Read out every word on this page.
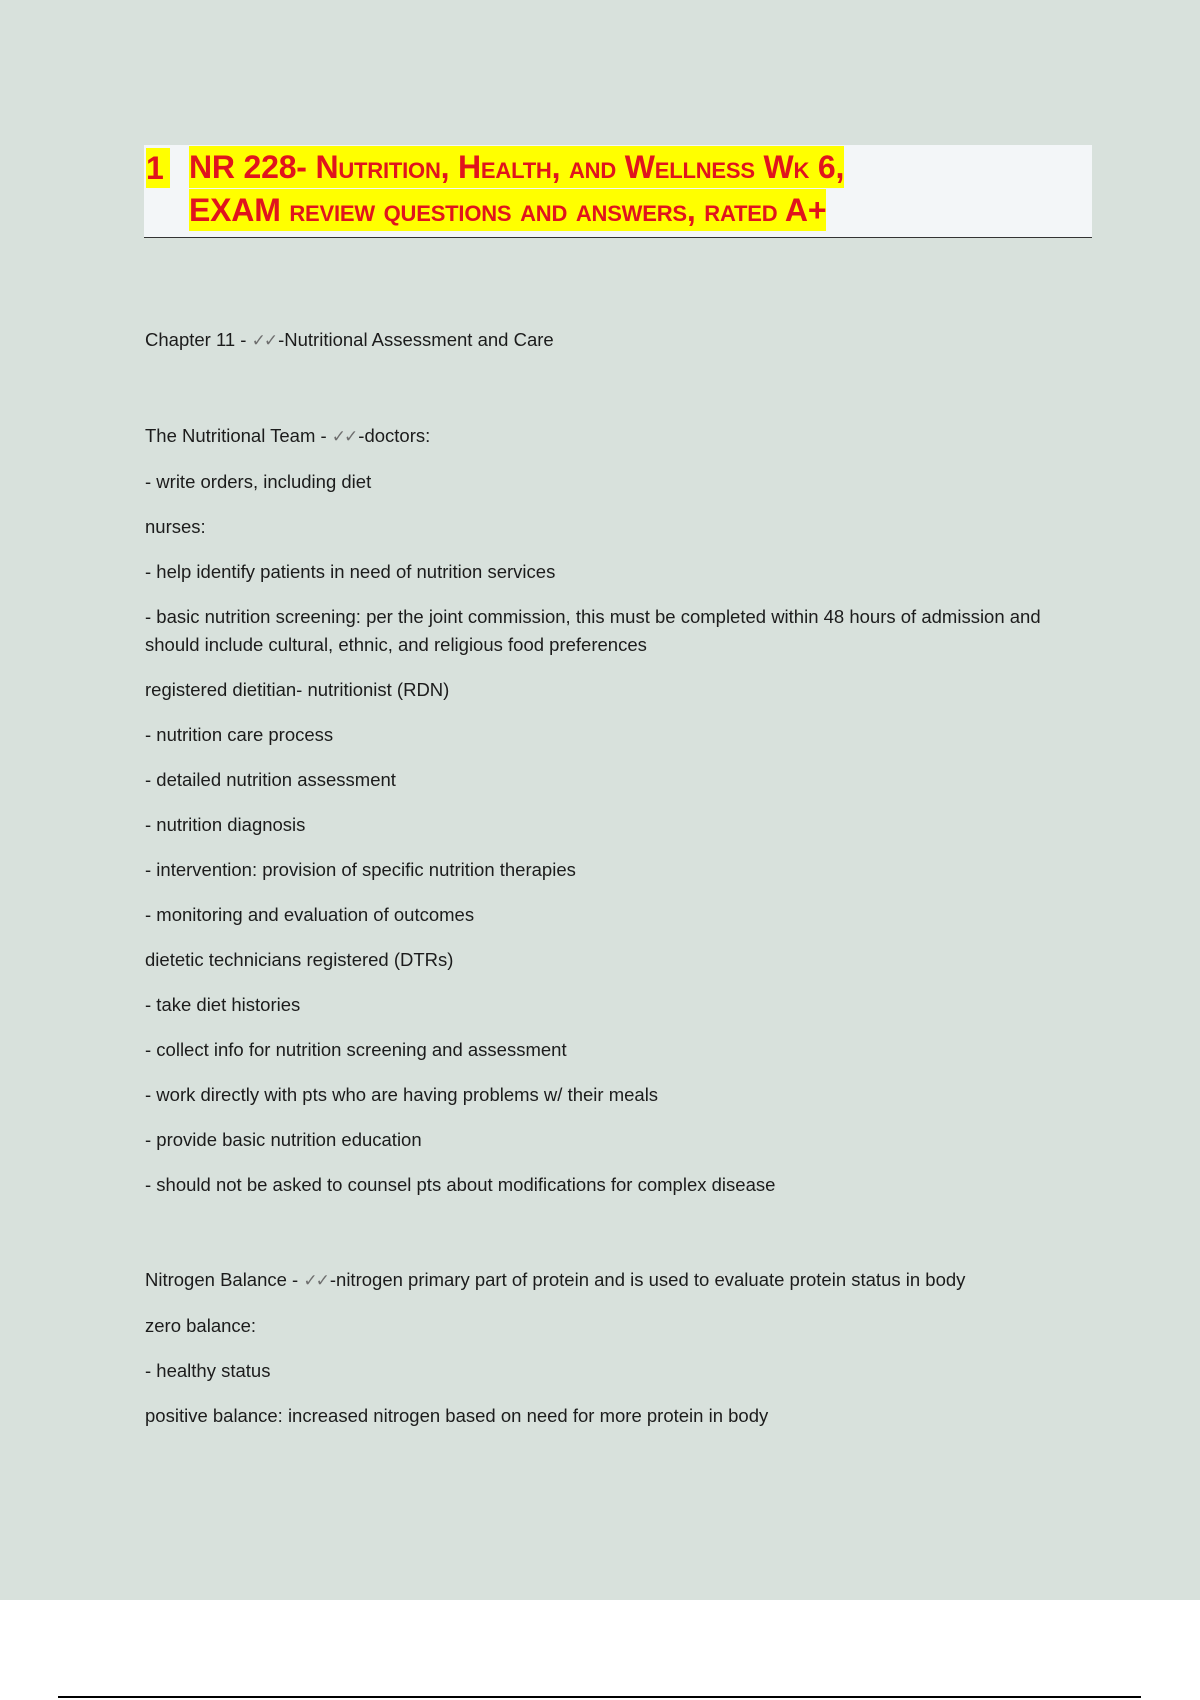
1 NR 228- Nutrition, Health, and Wellness Wk 6,
EXAM review questions and answers, rated A+

Chapter 11 - ✓✓ -Nutritional Assessment and Care

The Nutritional Team - ✓✓ -doctors:

- write orders, including diet

nurses:

- help identify patients in need of nutrition services

- basic nutrition screening: per the joint commission, this must be completed within 48 hours of admission and should include cultural, ethnic, and religious food preferences

registered dietitian- nutritionist (RDN)

- nutrition care process

- detailed nutrition assessment

- nutrition diagnosis

- intervention: provision of specific nutrition therapies

- monitoring and evaluation of outcomes

dietetic technicians registered (DTRs)

- take diet histories

- collect info for nutrition screening and assessment

- work directly with pts who are having problems w/ their meals

- provide basic nutrition education

- should not be asked to counsel pts about modifications for complex disease

Nitrogen Balance - ✓✓ -nitrogen primary part of protein and is used to evaluate protein status in body

zero balance:

- healthy status

positive balance: increased nitrogen based on need for more protein in body
